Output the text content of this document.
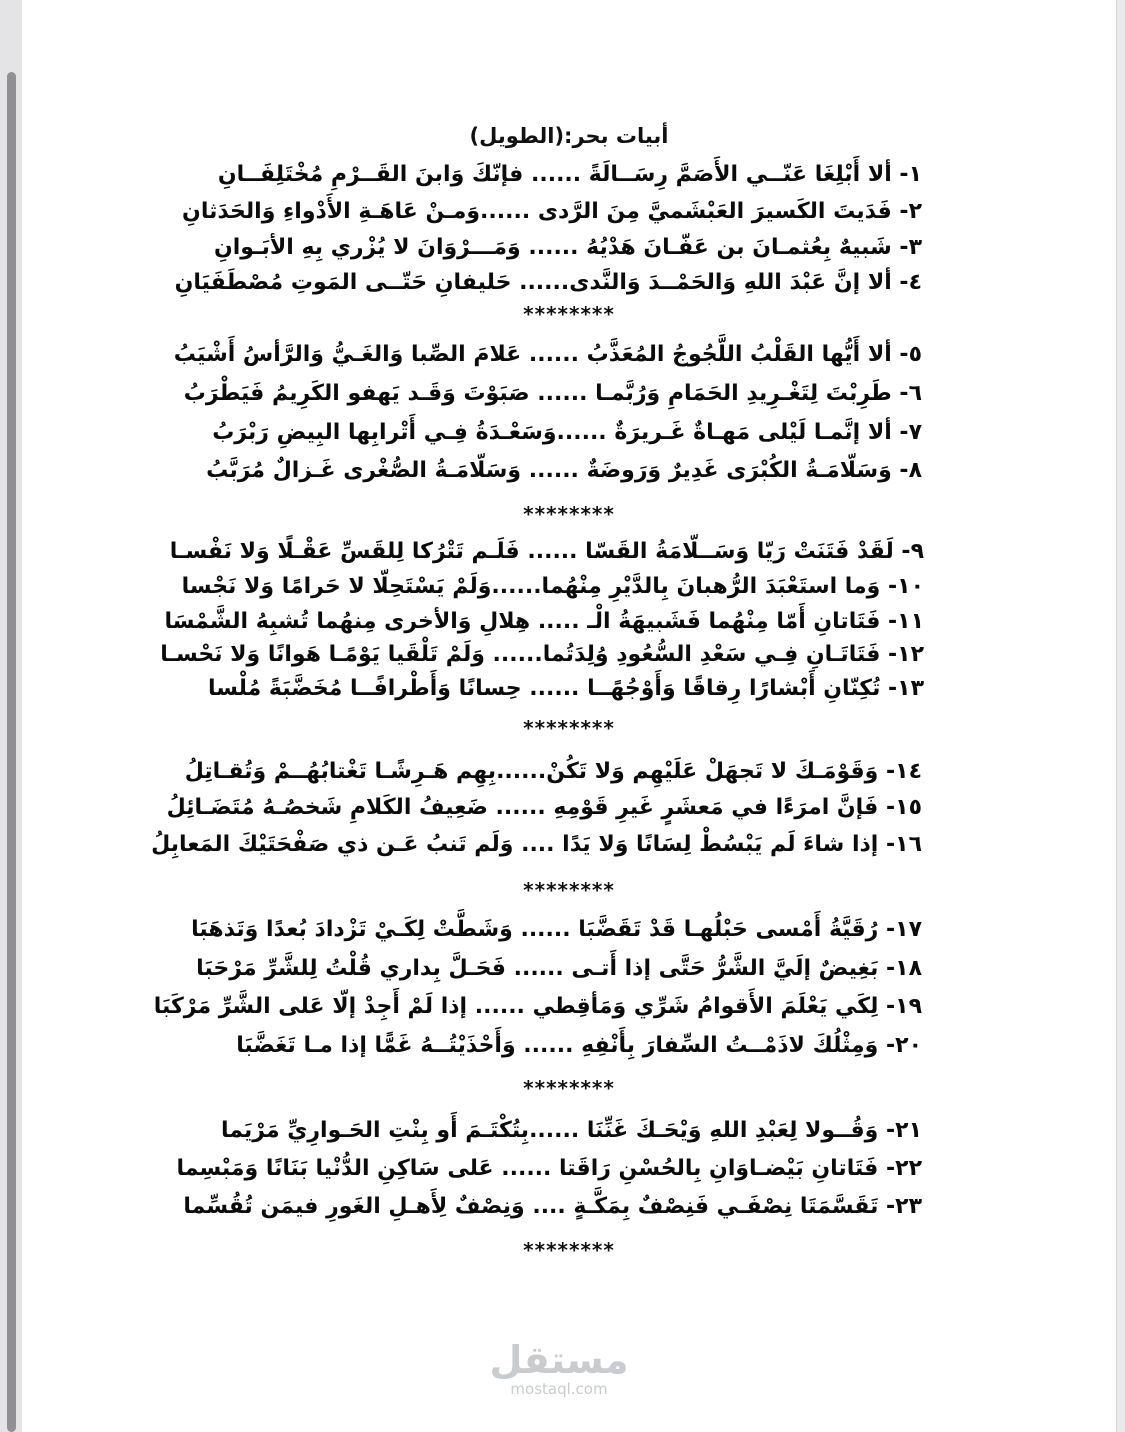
أبيات بحر:(الطويل)
١- ألا أَبْلِغَا عَنّــي الأَصَمَّ رِسَــالَةً ...... فإنّكَ وَابنَ القَــرْمِ مُخْتَلِفَــانِ
٢- فَدَيتَ الكَسيرَ العَبْشَميَّ مِنَ الرَّدى ......وَمـنْ عَاهَـةِ الأَدْواءِ وَالحَدَثانِ
٣- شَبيهٌ بِعُثمـانَ بن عَفّـانَ هَدْيُهُ ...... وَمَـــرْوَانَ لا يُزْري بِهِ الأبَـوانِ
٤- ألا إنَّ عَبْدَ اللهِ وَالحَمْــدَ وَالنَّدى...... حَليفانِ حَتّــى المَوتِ مُصْطَفَيَانِ
********
٥- ألا أَيُّها القَلْبُ اللَّجُوجُ المُعَذَّبُ ...... عَلامَ الصِّبا وَالغَـيُّ وَالرَّأسُ أَشْيَبُ
٦- طَرِبْتَ لِتَغْـرِيدِ الحَمَامِ وَرُبَّمـا ...... صَبَوْتَ وَقَـد يَهفو الكَرِيمُ فَيَطْرَبُ
٧- ألا إنَّمـا لَيْلى مَهـاةٌ غَـريرَةٌ ......وَسَعْـدَةُ فِـي أَتْرابِها البِيضِ رَبْرَبُ
٨- وَسَلّامَـةُ الكُبْرَى غَدِيرٌ وَرَوضَةٌ ...... وَسَلّامَـةُ الصُّغْرى غَـزالٌ مُرَبَّبُ
********
٩- لَقَدْ فَتَنَتْ رَيّا وَسَــلّامَةُ القَسّا ...... فَلَـم تَتْرُكا لِلقَسِّ عَقْـلًا وَلا نَفْسـا
١٠- وَما استَعْبَدَ الرُّهبانَ بِالدَّيْرِ مِنْهُما......وَلَمْ يَسْتَحِلّا لا حَرامًا وَلا نَجْسا
١١- فَتَاتانِ أَمّا مِنْهُما فَشَبيهَةُ الْـ ..... هِلالِ وَالأخرى مِنهُما تُشبِهُ الشَّمْسَا
١٢- فَتَاتَـانِ فِـي سَعْدِ السُّعُودِ وُلِدَتُما...... وَلَمْ تَلْقَيا يَوْمًـا هَوانًا وَلا نَحْسـا
١٣- تُكِنّانِ أَبْشارًا رِقاقًا وَأَوْجُهًــا ...... حِسانًا وَأَطْرافًــا مُخَضَّبَةً مُلْسا
********
١٤- وَقَوْمَـكَ لا تَجهَلْ عَلَيْهِم وَلا تَكُنْ......بِهِم هَـرِشًـا تَغْتابُهُــمْ وَتُقـاتِلُ
١٥- فَإنَّ امرَءًا في مَعشَرٍ غَيرِ قَوْمِهِ ...... ضَعِيفُ الكَلامِ شَخصُـهُ مُتَضَـائِلُ
١٦- إذا شاءَ لَم يَبْسُطْ لِسَانًا وَلا يَدًا .... وَلَم تَنبُ عَـن ذي صَفْحَتَيْكَ المَعابِلُ
********
١٧- رُقَيَّةُ أَمْسى حَبْلُهـا قَدْ تَقَضَّبَا ...... وَشَطَّتْ لِكَـيْ تَزْدادَ بُعدًا وَتَذهَبَا
١٨- بَغِيضٌ إلَيَّ الشَّرُّ حَتَّى إذا أَتـى ...... فَحَـلَّ بِداري قُلْتُ لِلشَّرِّ مَرْحَبَا
١٩- لِكَي يَعْلَمَ الأَقوامُ شَرِّي وَمَأقِطي ...... إذا لَمْ أَجِدْ إلّا عَلى الشَّرِّ مَرْكَبَا
٢٠- وَمِثْلُكَ لاذَمْــتُ السِّفارَ بِأَنْفِهِ ...... وَأَحْذَيْتُــهُ غَمًّا إذا مـا تَغَضَّبَا
********
٢١- وَقُــولا لِعَبْدِ اللهِ وَيْحَـكَ غَنِّنَا ......بِتُكْتَـمَ أَو بِنْتِ الحَـوارِيِّ مَرْيَما
٢٢- فَتَاتانِ بَيْضـاوَانِ بِالحُسْنِ رَاقَتا ...... عَلى سَاكِنِ الدُّنْيا بَنَانًا وَمَبْسِما
٢٣- تَقَسَّمَتَا نِصْفَـي فَنِصْفٌ بِمَكَّـةٍ .... وَنِصْفٌ لِأَهـلِ الغَورِ فيمَن تُقُسِّما
********
مستقل
mostaql.com
